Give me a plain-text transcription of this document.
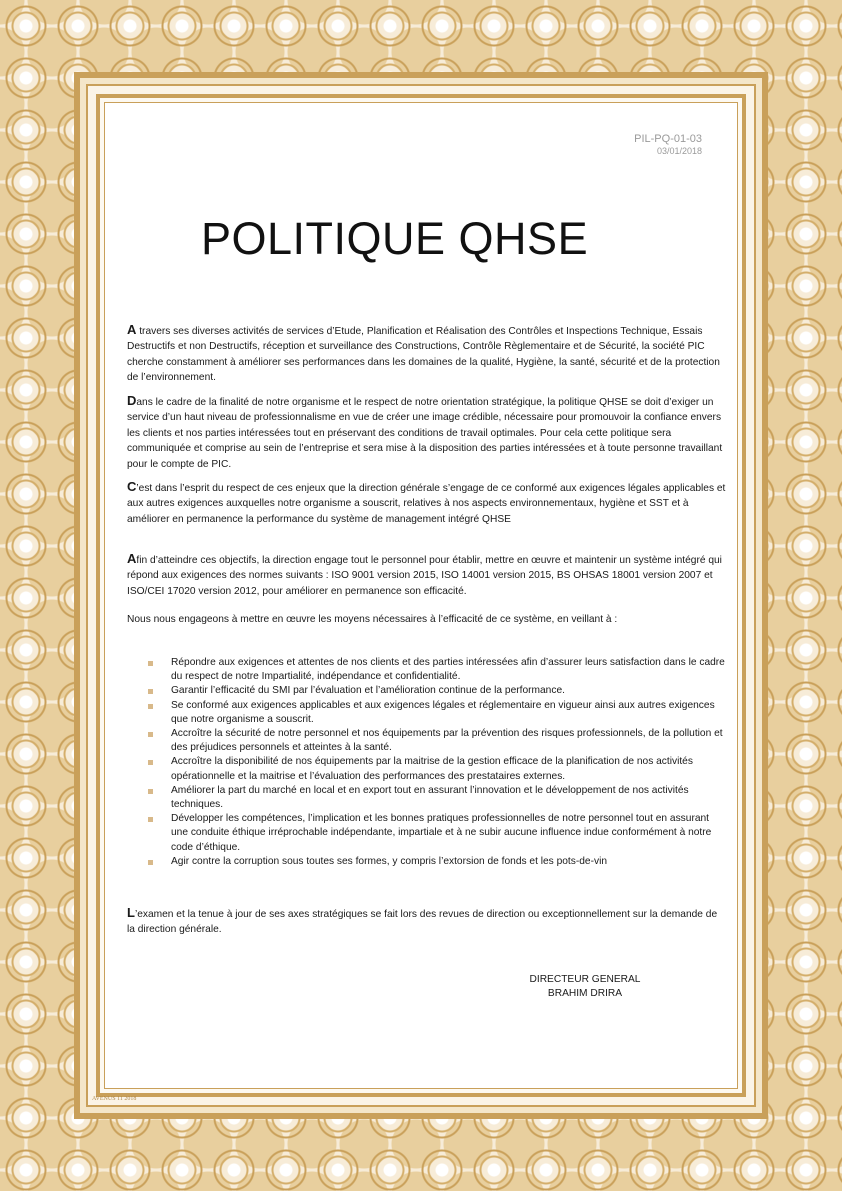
PIL-PQ-01-03
03/01/2018
POLITIQUE QHSE

A travers ses diverses activités de services d’Etude, Planification et Réalisation des Contrôles et Inspections Technique, Essais Destructifs et non Destructifs, réception et surveillance des Constructions, Contrôle Règlementaire et de Sécurité, la société PIC cherche constamment à améliorer ses performances dans les domaines de la qualité, Hygiène, la santé, sécurité et de la protection de l’environnement.

Dans le cadre de la finalité de notre organisme et le respect de notre orientation stratégique, la politique QHSE se doit d’exiger un service d’un haut niveau de professionnalisme en vue de créer une image crédible, nécessaire pour promouvoir la confiance envers les clients et nos parties intéressées tout en préservant des conditions de travail optimales. Pour cela cette politique sera communiquée et comprise au sein de l’entreprise et sera mise à la disposition des parties intéressées et à toute personne travaillant pour le compte de PIC.

C’est dans l’esprit du respect de ces enjeux que la direction générale s’engage de ce conformé aux exigences légales applicables et aux autres exigences auxquelles notre organisme a souscrit, relatives à nos aspects environnementaux, hygiène et SST et à améliorer en permanence la performance du système de management intégré QHSE

Afin d’atteindre ces objectifs, la direction engage tout le personnel pour établir, mettre en œuvre et maintenir un système intégré qui répond aux exigences des normes suivants : ISO 9001 version 2015, ISO 14001 version 2015, BS OHSAS 18001 version 2007 et ISO/CEI 17020 version 2012, pour améliorer en permanence son efficacité.

Nous nous engageons à mettre en œuvre les moyens nécessaires à l’efficacité de ce système, en veillant à :

Répondre aux exigences et attentes de nos clients et des parties intéressées afin d’assurer leurs satisfaction dans le cadre du respect de notre Impartialité, indépendance et confidentialité.
Garantir l’efficacité du SMI par l’évaluation et l’amélioration continue de la performance.
Se conformé aux exigences applicables et aux exigences légales et réglementaire en vigueur ainsi aux autres exigences que notre organisme a souscrit.
Accroître la sécurité de notre personnel et nos équipements par la prévention des risques professionnels, de la pollution et des préjudices personnels et atteintes à la santé.
Accroître la disponibilité de nos équipements par la maitrise de la gestion efficace de la planification de nos activités opérationnelle et la maitrise et l’évaluation des performances des prestataires externes.
Améliorer la part du marché en local et en export tout en assurant l’innovation et le développement de nos activités techniques.
Développer les compétences, l’implication et les bonnes pratiques professionnelles de notre personnel tout en assurant une conduite éthique irréprochable indépendante, impartiale et à ne subir aucune influence indue conformément à notre code d’éthique.
Agir contre la corruption sous toutes ses formes, y compris l’extorsion de fonds et les pots-de-vin

L’examen et la tenue à jour de ses axes stratégiques se fait lors des revues de direction ou exceptionnellement sur la demande de la direction générale.

DIRECTEUR GENERAL
BRAHIM DRIRA
AVENUS 11 2018
